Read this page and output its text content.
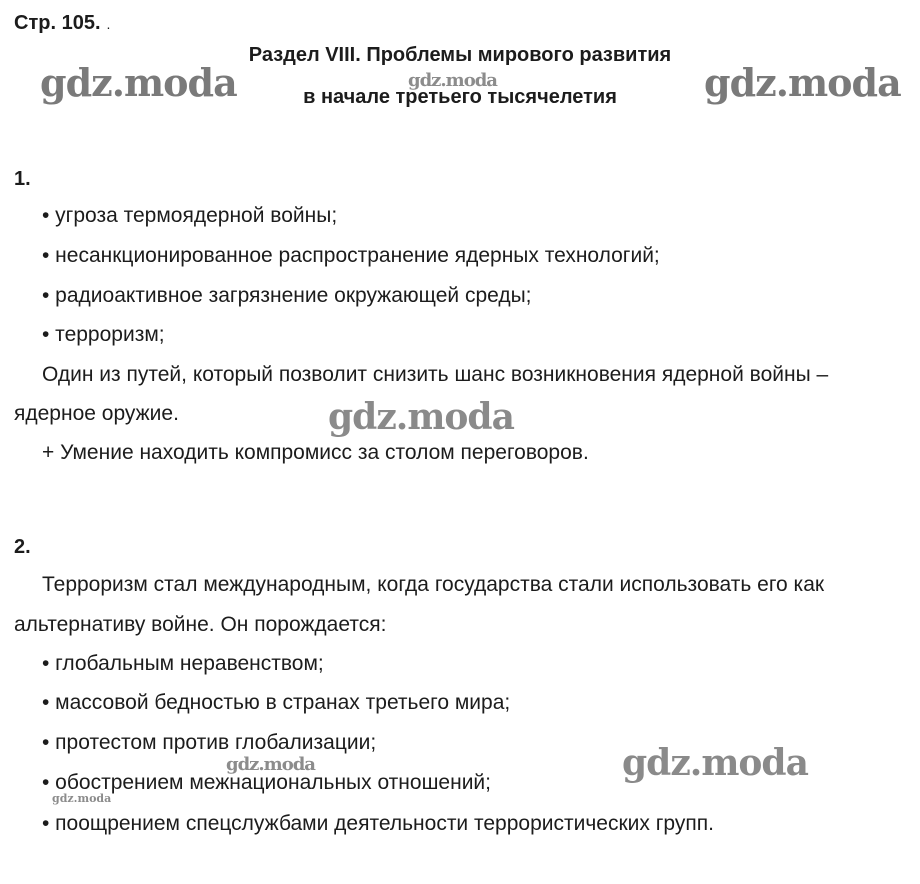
Стр. 105. .
Раздел VIII. Проблемы мирового развития
в начале третьего тысячелетия
gdz.moda	gdz.moda	gdz.moda
1.
• угроза термоядерной войны;
• несанкционированное распространение ядерных технологий;
• радиоактивное загрязнение окружающей среды;
• терроризм;
Один из путей, который позволит снизить шанс возникновения ядерной войны –
ядерное оружие.
+ Умение находить компромисс за столом переговоров.
gdz.moda
2.
Терроризм стал международным, когда государства стали использовать его как
альтернативу войне. Он порождается:
• глобальным неравенством;
• массовой бедностью в странах третьего мира;
• протестом против глобализации;
• обострением межнациональных отношений;
• поощрением спецслужбами деятельности террористических групп.
gdz.moda
gdz.moda
gdz.moda
